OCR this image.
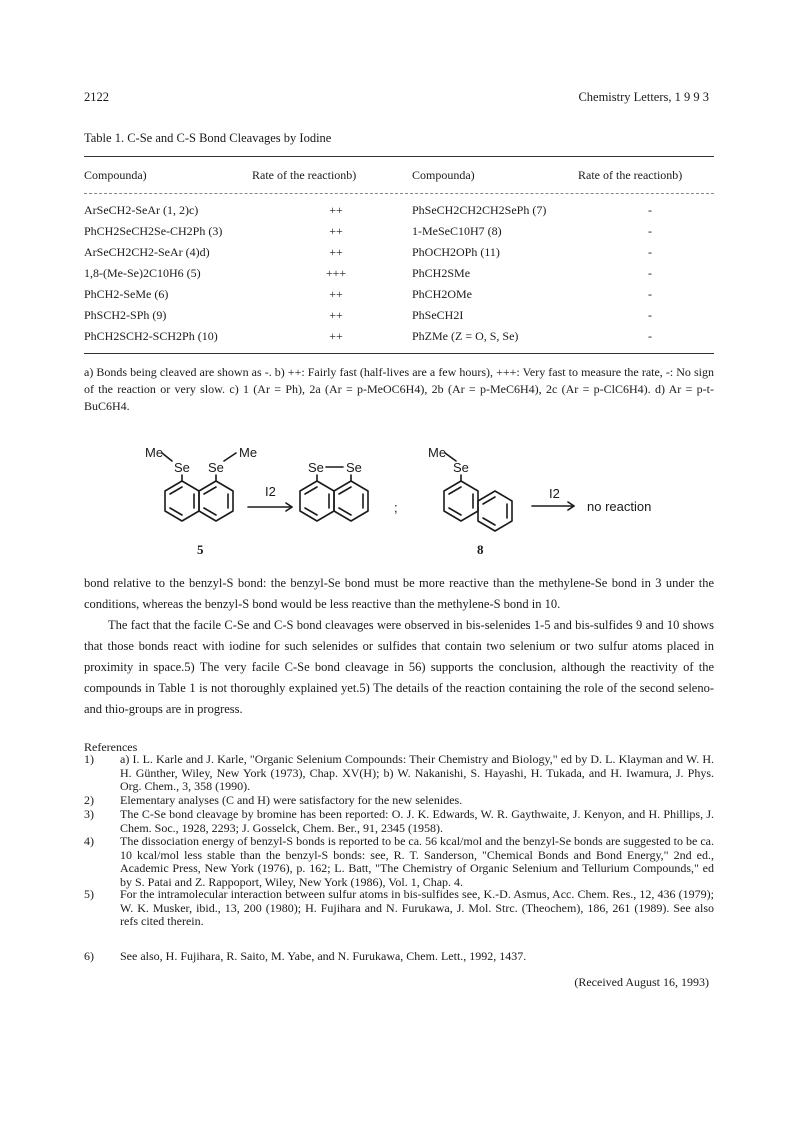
2122	Chemistry Letters, 1 9 9 3
Table 1. C-Se and C-S Bond Cleavages by Iodine
Compounda)	Rate of the reactionb)	Compounda)	Rate of the reactionb)
ArSeCH2-SeAr (1, 2)c)	++	PhSeCH2CH2CH2SePh (7)	-
PhCH2SeCH2Se-CH2Ph (3)	++	1-MeSeC10H7 (8)	-
ArSeCH2CH2-SeAr (4)d)	++	PhOCH2OPh (11)	-
1,8-(Me-Se)2C10H6 (5)	+++	PhCH2SMe	-
PhCH2-SeMe (6)	++	PhCH2OMe	-
PhSCH2-SPh (9)	++	PhSeCH2I	-
PhCH2SCH2-SCH2Ph (10)	++	PhZMe (Z = O, S, Se)	-
a) Bonds being cleaved are shown as -. b) ++: Fairly fast (half-lives are a few hours), +++: Very fast to measure the rate, -: No sign of the reaction or very slow. c) 1 (Ar = Ph), 2a (Ar = p-MeOC6H4), 2b (Ar = p-MeC6H4), 2c (Ar = p-ClC6H4). d) Ar = p-t-BuC6H4.
Me	Me
Se Se	Se Se
Me
Se
I2	I2
;	no reaction
5	8
bond relative to the benzyl-S bond: the benzyl-Se bond must be more reactive than the methylene-Se bond in 3 under the conditions, whereas the benzyl-S bond would be less reactive than the methylene-S bond in 10.
The fact that the facile C-Se and C-S bond cleavages were observed in bis-selenides 1-5 and bis-sulfides 9 and 10 shows that those bonds react with iodine for such selenides or sulfides that contain two selenium or two sulfur atoms placed in proximity in space.5) The very facile C-Se bond cleavage in 56) supports the conclusion, although the reactivity of the compounds in Table 1 is not thoroughly explained yet.5) The details of the reaction containing the role of the second seleno- and thio-groups are in progress.
References
1) a) I. L. Karle and J. Karle, "Organic Selenium Compounds: Their Chemistry and Biology," ed by D. L. Klayman and W. H. H. Günther, Wiley, New York (1973), Chap. XV(H); b) W. Nakanishi, S. Hayashi, H. Tukada, and H. Iwamura, J. Phys. Org. Chem., 3, 358 (1990).
2) Elementary analyses (C and H) were satisfactory for the new selenides.
3) The C-Se bond cleavage by bromine has been reported: O. J. K. Edwards, W. R. Gaythwaite, J. Kenyon, and H. Phillips, J. Chem. Soc., 1928, 2293; J. Gosselck, Chem. Ber., 91, 2345 (1958).
4) The dissociation energy of benzyl-S bonds is reported to be ca. 56 kcal/mol and the benzyl-Se bonds are suggested to be ca. 10 kcal/mol less stable than the benzyl-S bonds: see, R. T. Sanderson, "Chemical Bonds and Bond Energy," 2nd ed., Academic Press, New York (1976), p. 162; L. Batt, "The Chemistry of Organic Selenium and Tellurium Compounds," ed by S. Patai and Z. Rappoport, Wiley, New York (1986), Vol. 1, Chap. 4.
5) For the intramolecular interaction between sulfur atoms in bis-sulfides see, K.-D. Asmus, Acc. Chem. Res., 12, 436 (1979); W. K. Musker, ibid., 13, 200 (1980); H. Fujihara and N. Furukawa, J. Mol. Strc. (Theochem), 186, 261 (1989). See also refs cited therein.
6) See also, H. Fujihara, R. Saito, M. Yabe, and N. Furukawa, Chem. Lett., 1992, 1437.
(Received August 16, 1993)
